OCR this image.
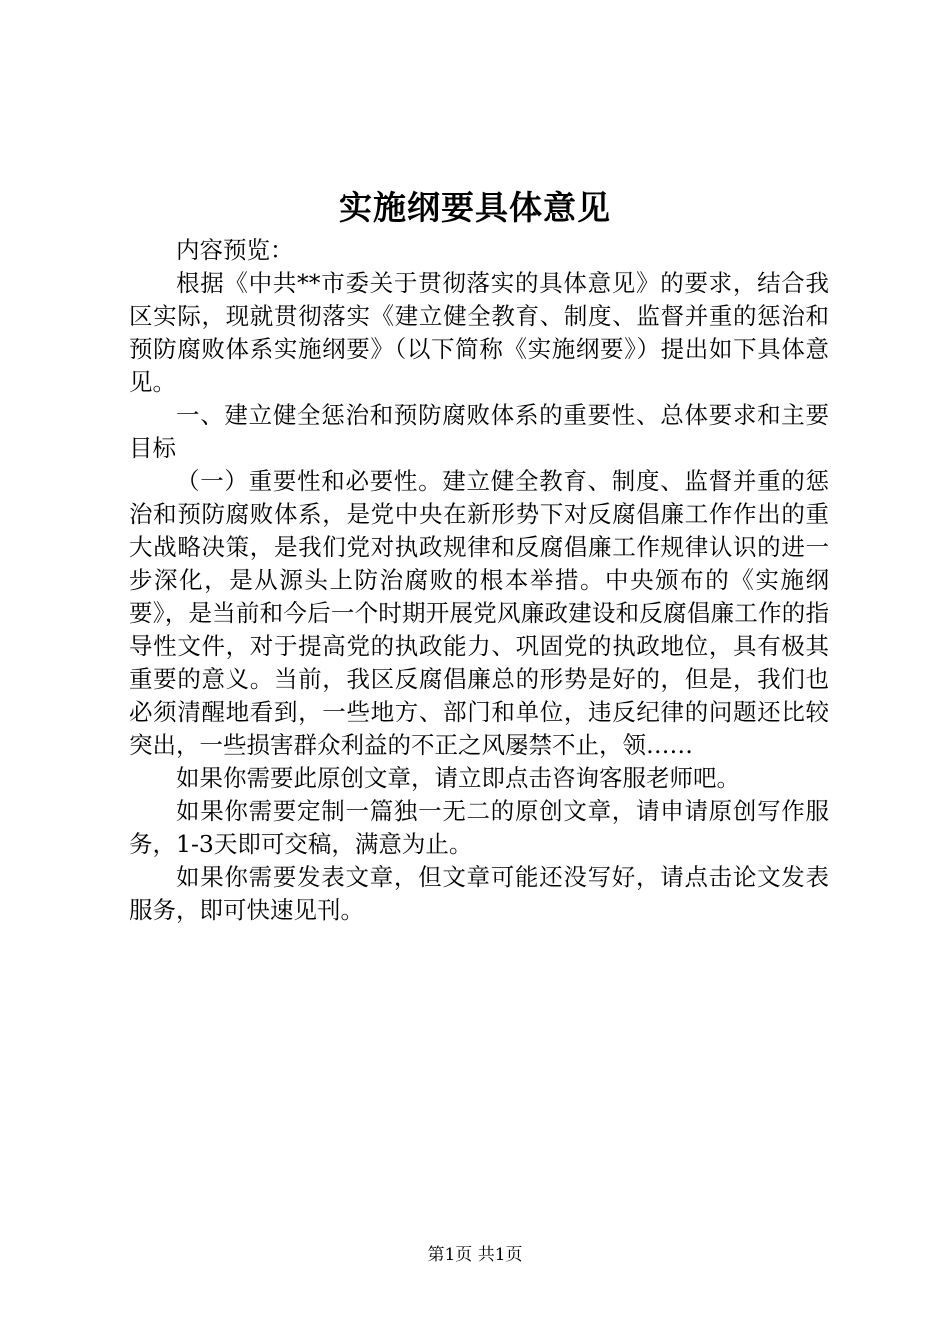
实施纲要具体意见

内容预览：

根据《中共**市委关于贯彻落实的具体意见》的要求，结合我区实际，现就贯彻落实《建立健全教育、制度、监督并重的惩治和预防腐败体系实施纲要》（以下简称《实施纲要》）提出如下具体意见。

一、建立健全惩治和预防腐败体系的重要性、总体要求和主要目标

（一）重要性和必要性。建立健全教育、制度、监督并重的惩治和预防腐败体系，是党中央在新形势下对反腐倡廉工作作出的重大战略决策，是我们党对执政规律和反腐倡廉工作规律认识的进一步深化，是从源头上防治腐败的根本举措。中央颁布的《实施纲要》，是当前和今后一个时期开展党风廉政建设和反腐倡廉工作的指导性文件，对于提高党的执政能力、巩固党的执政地位，具有极其重要的意义。当前，我区反腐倡廉总的形势是好的，但是，我们也必须清醒地看到，一些地方、部门和单位，违反纪律的问题还比较突出，一些损害群众利益的不正之风屡禁不止，领……

如果你需要此原创文章，请立即点击咨询客服老师吧。

如果你需要定制一篇独一无二的原创文章，请申请原创写作服务，1-3天即可交稿，满意为止。

如果你需要发表文章，但文章可能还没写好，请点击论文发表服务，即可快速见刊。

第1页 共1页
